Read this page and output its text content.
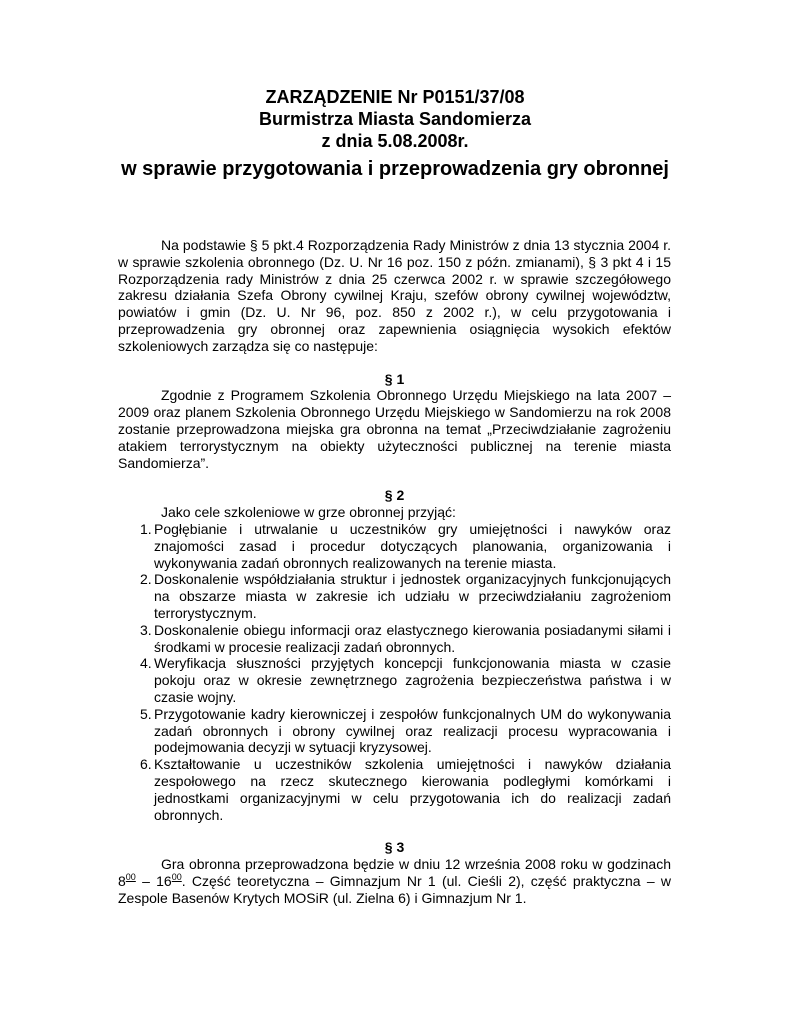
ZARZĄDZENIE Nr P0151/37/08
Burmistrza Miasta Sandomierza
z dnia 5.08.2008r.
w sprawie przygotowania i przeprowadzenia gry obronnej

Na podstawie § 5 pkt.4 Rozporządzenia Rady Ministrów z dnia 13 stycznia 2004 r. w sprawie szkolenia obronnego (Dz. U. Nr 16 poz. 150 z późn. zmianami), § 3 pkt 4 i 15 Rozporządzenia rady Ministrów z dnia 25 czerwca 2002 r. w sprawie szczegółowego zakresu działania Szefa Obrony cywilnej Kraju, szefów obrony cywilnej województw, powiatów i gmin (Dz. U. Nr 96, poz. 850 z 2002 r.), w celu przygotowania i przeprowadzenia gry obronnej oraz zapewnienia osiągnięcia wysokich efektów szkoleniowych zarządza się co następuje:

§ 1

Zgodnie z Programem Szkolenia Obronnego Urzędu Miejskiego na lata 2007 – 2009 oraz planem Szkolenia Obronnego Urzędu Miejskiego w Sandomierzu na rok 2008 zostanie przeprowadzona miejska gra obronna na temat „Przeciwdziałanie zagrożeniu atakiem terrorystycznym na obiekty użyteczności publicznej na terenie miasta Sandomierza”.

§ 2

Jako cele szkoleniowe w grze obronnej przyjąć:

1. Pogłębianie i utrwalanie u uczestników gry umiejętności i nawyków oraz znajomości zasad i procedur dotyczących planowania, organizowania i wykonywania zadań obronnych realizowanych na terenie miasta.
2. Doskonalenie współdziałania struktur i jednostek organizacyjnych funkcjonujących na obszarze miasta w zakresie ich udziału w przeciwdziałaniu zagrożeniom terrorystycznym.
3. Doskonalenie obiegu informacji oraz elastycznego kierowania posiadanymi siłami i środkami w procesie realizacji zadań obronnych.
4. Weryfikacja słuszności przyjętych koncepcji funkcjonowania miasta w czasie pokoju oraz w okresie zewnętrznego zagrożenia bezpieczeństwa państwa i w czasie wojny.
5. Przygotowanie kadry kierowniczej i zespołów funkcjonalnych UM do wykonywania zadań obronnych i obrony cywilnej oraz realizacji procesu wypracowania i podejmowania decyzji w sytuacji kryzysowej.
6. Kształtowanie u uczestników szkolenia umiejętności i nawyków działania zespołowego na rzecz skutecznego kierowania podległymi komórkami i jednostkami organizacyjnymi w celu przygotowania ich do realizacji zadań obronnych.
§ 3

Gra obronna przeprowadzona będzie w dniu 12 września 2008 roku w godzinach $8^{00} - 16^{00}$. Część teoretyczna – Gimnazjum Nr 1 (ul. Cieśli 2), część praktyczna – w Zespole Basenów Krytych MOSiR (ul. Zielna 6) i Gimnazjum Nr 1.
